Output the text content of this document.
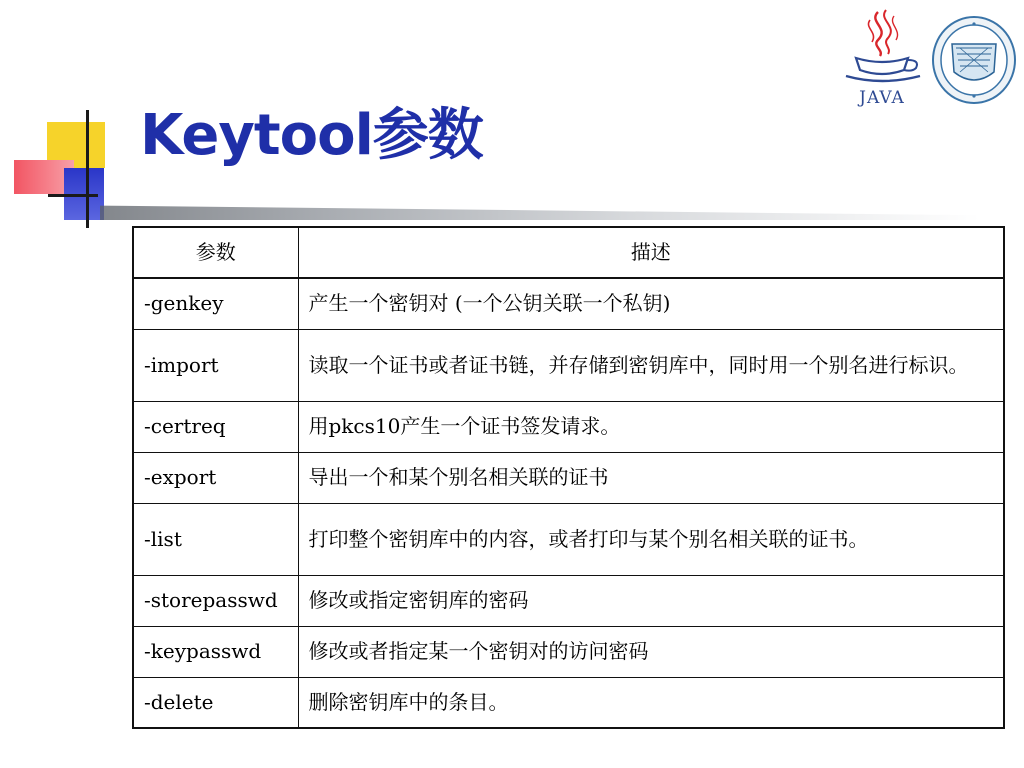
Keytool参数
JAVA
参数	描述
-genkey	产生一个密钥对 (一个公钥关联一个私钥)
-import	读取一个证书或者证书链，并存储到密钥库中，同时用一个别名进行标识。
-certreq	用pkcs10产生一个证书签发请求。
-export	导出一个和某个别名相关联的证书
-list	打印整个密钥库中的内容，或者打印与某个别名相关联的证书。
-storepasswd	修改或指定密钥库的密码
-keypasswd	修改或者指定某一个密钥对的访问密码
-delete	删除密钥库中的条目。
